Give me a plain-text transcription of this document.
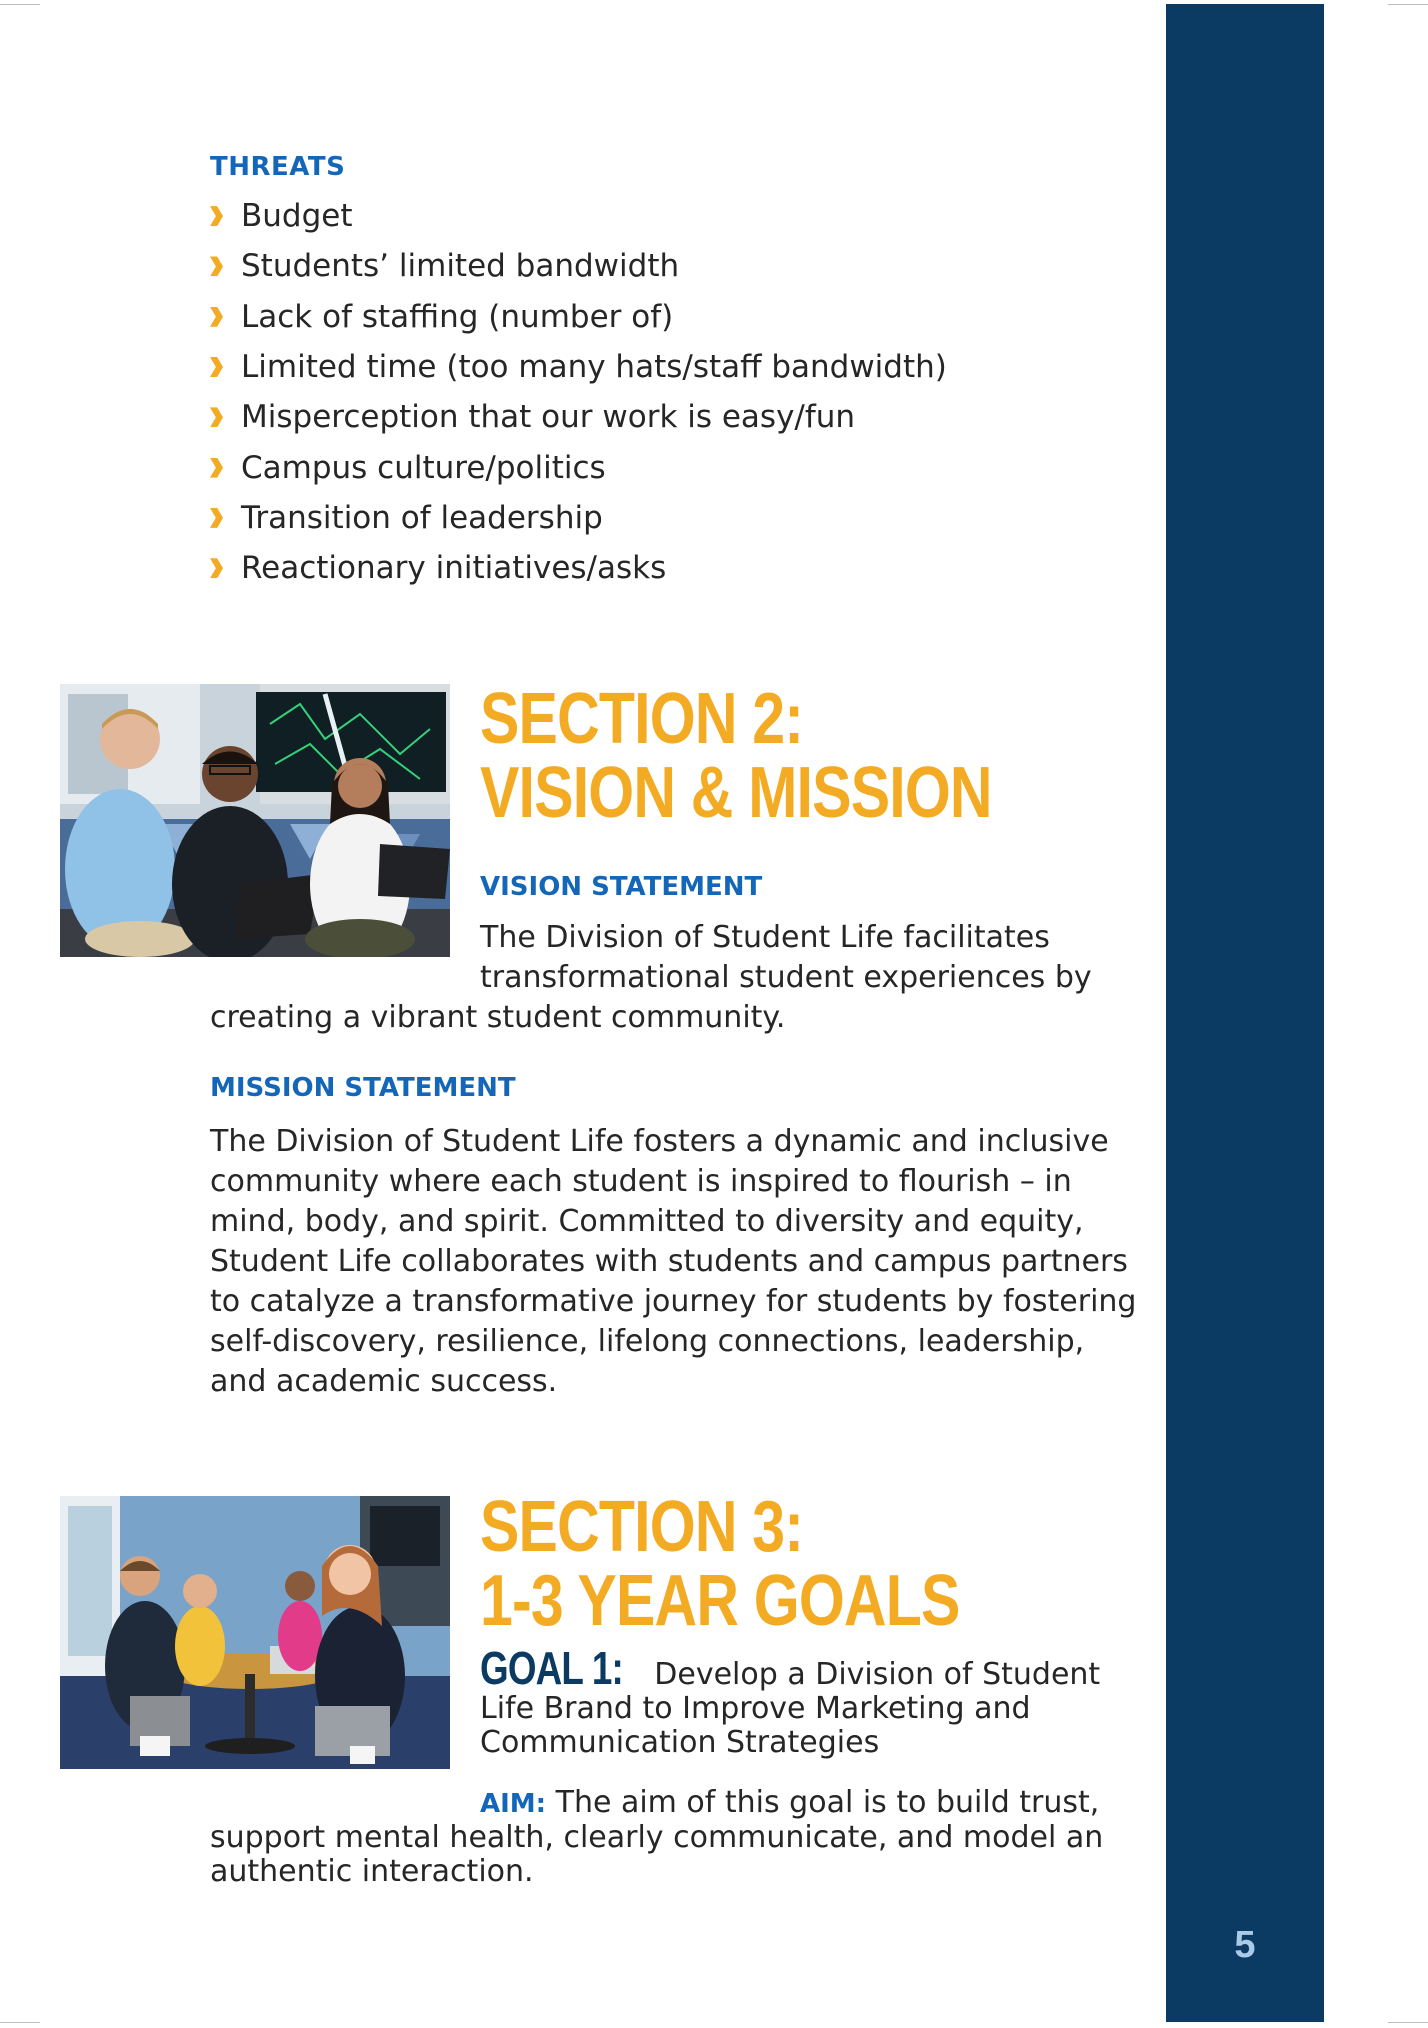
THREATS
Budget
Students’ limited bandwidth
Lack of staffing (number of)
Limited time (too many hats/staff bandwidth)
Misperception that our work is easy/fun
Campus culture/politics
Transition of leadership
Reactionary initiatives/asks
SECTION 2:
VISION & MISSION
VISION STATEMENT
The Division of Student Life facilitates
transformational student experiences by
creating a vibrant student community.
MISSION STATEMENT
The Division of Student Life fosters a dynamic and inclusive
community where each student is inspired to flourish – in
mind, body, and spirit. Committed to diversity and equity,
Student Life collaborates with students and campus partners
to catalyze a transformative journey for students by fostering
self-discovery, resilience, lifelong connections, leadership,
and academic success.
SECTION 3:
1-3 YEAR GOALS
GOAL 1: Develop a Division of Student
Life Brand to Improve Marketing and
Communication Strategies
AIM: The aim of this goal is to build trust,
support mental health, clearly communicate, and model an
authentic interaction.
5
